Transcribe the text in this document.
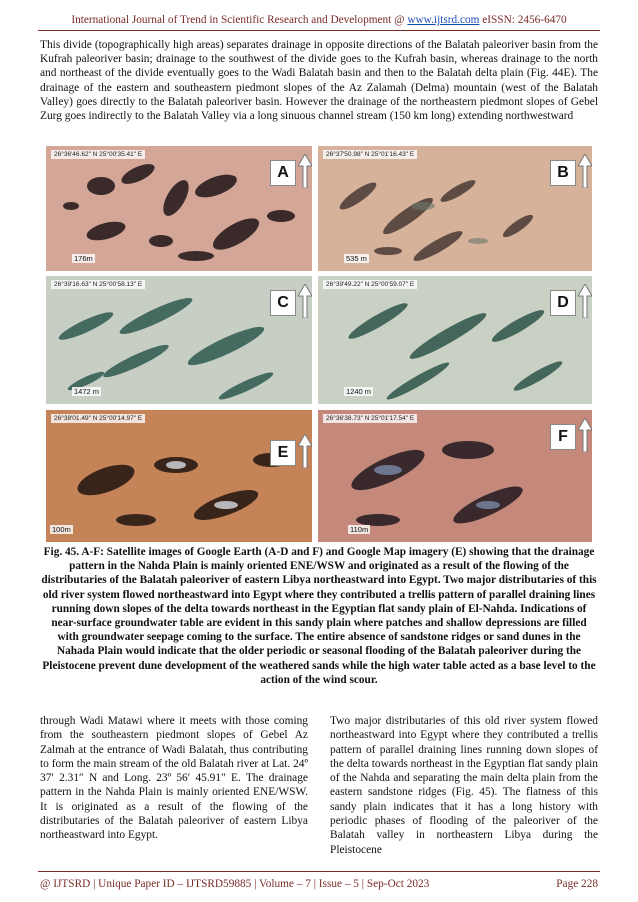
International Journal of Trend in Scientific Research and Development @ www.ijtsrd.com eISSN: 2456-6470
This divide (topographically high areas) separates drainage in opposite directions of the Balatah paleoriver basin from the Kufrah paleoriver basin; drainage to the southwest of the divide goes to the Kufrah basin, whereas drainage to the north and northeast of the divide eventually goes to the Wadi Balatah basin and then to the Balatah delta plain (Fig. 44E). The drainage of the eastern and southeastern piedmont slopes of the Az Zalamah (Delma) mountain (west of the Balatah Valley) goes directly to the Balatah paleoriver basin. However the drainage of the northeastern piedmont slopes of Gebel Zurg goes indirectly to the Balatah Valley via a long sinuous channel stream (150 km long) extending northwestward
26°36'46.62" N 25°00'35.41" E
A
176m
26°37'50.98" N 25°01'16.43" E
B
535 m
26°39'16.63" N 25°00'58.13" E
C
1472 m
26°39'49.22" N 25°00'59.07" E
D
1240 m
26°38'01.49" N 25°00'14.97" E
E
100m
26°36'38.73" N 25°01'17.54" E
F
110m
Fig. 45. A-F: Satellite images of Google Earth (A-D and F) and Google Map imagery (E) showing that the drainage pattern in the Nahda Plain is mainly oriented ENE/WSW and originated as a result of the flowing of the distributaries of the Balatah paleoriver of eastern Libya northeastward into Egypt. Two major distributaries of this old river system flowed northeastward into Egypt where they contributed a trellis pattern of parallel draining lines running down slopes of the delta towards northeast in the Egyptian flat sandy plain of El-Nahda. Indications of near-surface groundwater table are evident in this sandy plain where patches and shallow depressions are filled with groundwater seepage coming to the surface. The entire absence of sandstone ridges or sand dunes in the Nahada Plain would indicate that the older periodic or seasonal flooding of the Balatah paleoriver during the Pleistocene prevent dune development of the weathered sands while the high water table acted as a base level to the action of the wind scour.
through Wadi Matawi where it meets with those coming from the southeastern piedmont slopes of Gebel Az Zalmah at the entrance of Wadi Balatah, thus contributing to form the main stream of the old Balatah river at Lat. 24º 37′ 2.31″ N and Long. 23º 56′ 45.91″ E. The drainage pattern in the Nahda Plain is mainly oriented ENE/WSW. It is originated as a result of the flowing of the distributaries of the Balatah paleoriver of eastern Libya northeastward into Egypt.
Two major distributaries of this old river system flowed northeastward into Egypt where they contributed a trellis pattern of parallel draining lines running down slopes of the delta towards northeast in the Egyptian flat sandy plain of the Nahda and separating the main delta plain from the eastern sandstone ridges (Fig. 45). The flatness of this sandy plain indicates that it has a long history with periodic phases of flooding of the paleoriver of the Balatah valley in northeastern Libya during the Pleistocene
@ IJTSRD | Unique Paper ID – IJTSRD59885 | Volume – 7 | Issue – 5 | Sep-Oct 2023	Page 228
